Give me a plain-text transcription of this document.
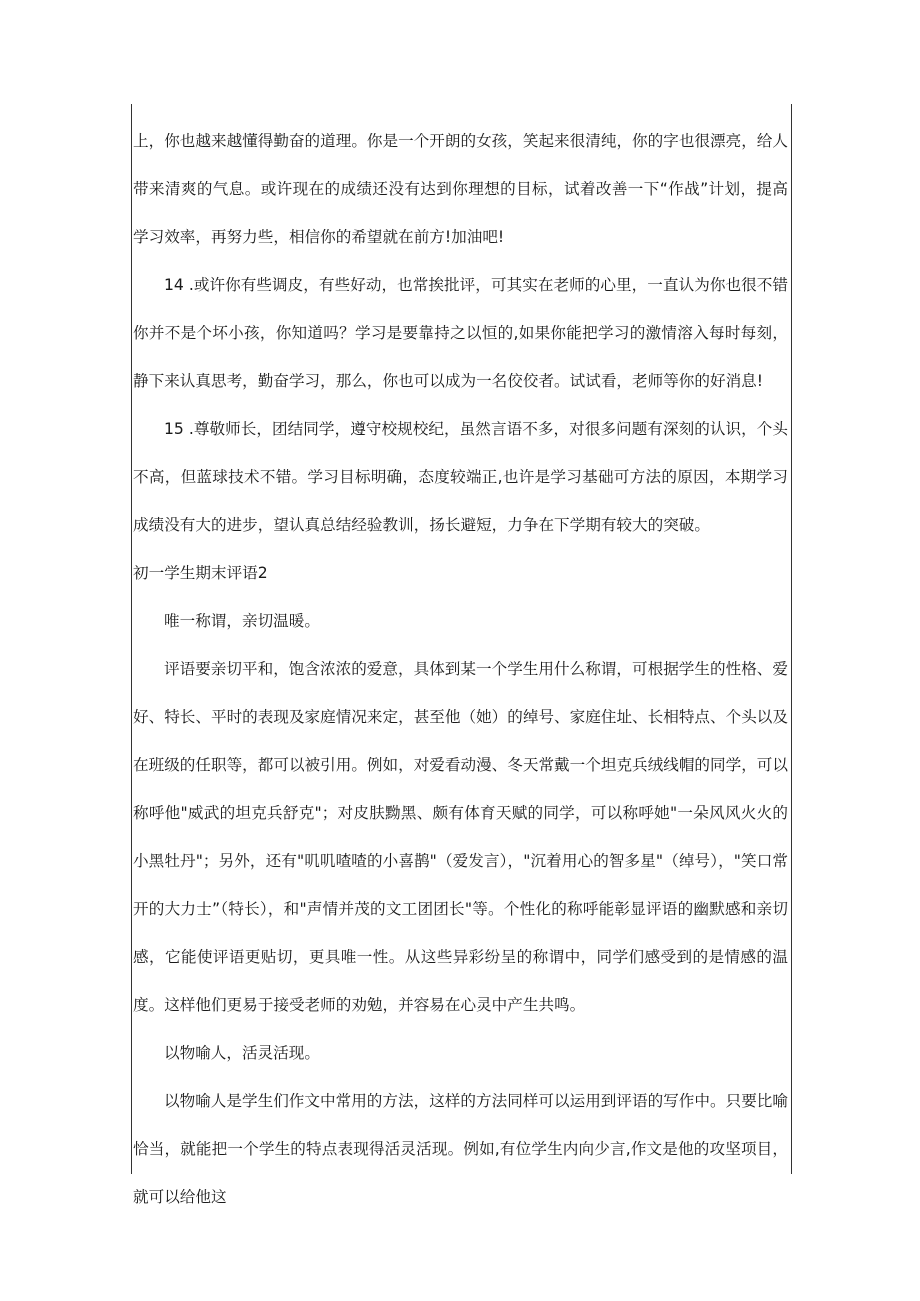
上，你也越来越懂得勤奋的道理。你是一个开朗的女孩，笑起来很清纯，你的字也很漂亮，给人带来清爽的气息。或许现在的成绩还没有达到你理想的目标，试着改善一下“作战”计划，提高学习效率，再努力些，相信你的希望就在前方!加油吧!

14 .或许你有些调皮，有些好动，也常挨批评，可其实在老师的心里，一直认为你也很不错你并不是个坏小孩，你知道吗？学习是要靠持之以恒的,如果你能把学习的激情溶入每时每刻，静下来认真思考，勤奋学习，那么，你也可以成为一名佼佼者。试试看，老师等你的好消息!

15 .尊敬师长，团结同学，遵守校规校纪，虽然言语不多，对很多问题有深刻的认识，个头不高，但蓝球技术不错。学习目标明确，态度较端正,也许是学习基础可方法的原因，本期学习成绩没有大的进步，望认真总结经验教训，扬长避短，力争在下学期有较大的突破。

初一学生期末评语2

唯一称谓，亲切温暖。

评语要亲切平和，饱含浓浓的爱意，具体到某一个学生用什么称谓，可根据学生的性格、爱好、特长、平时的表现及家庭情况来定，甚至他（她）的绰号、家庭住址、长相特点、个头以及在班级的任职等，都可以被引用。例如，对爱看动漫、冬天常戴一个坦克兵绒线帽的同学，可以称呼他"威武的坦克兵舒克"；对皮肤黝黑、颇有体育天赋的同学，可以称呼她"一朵风风火火的小黑牡丹"；另外，还有"叽叽喳喳的小喜鹊"（爱发言），"沉着用心的智多星"（绰号），"笑口常开的大力士”（特长），和"声情并茂的文工团团长"等。个性化的称呼能彰显评语的幽默感和亲切感，它能使评语更贴切，更具唯一性。从这些异彩纷呈的称谓中，同学们感受到的是情感的温度。这样他们更易于接受老师的劝勉，并容易在心灵中产生共鸣。

以物喻人，活灵活现。

以物喻人是学生们作文中常用的方法，这样的方法同样可以运用到评语的写作中。只要比喻恰当，就能把一个学生的特点表现得活灵活现。例如,有位学生内向少言,作文是他的攻坚项目，就可以给他这
